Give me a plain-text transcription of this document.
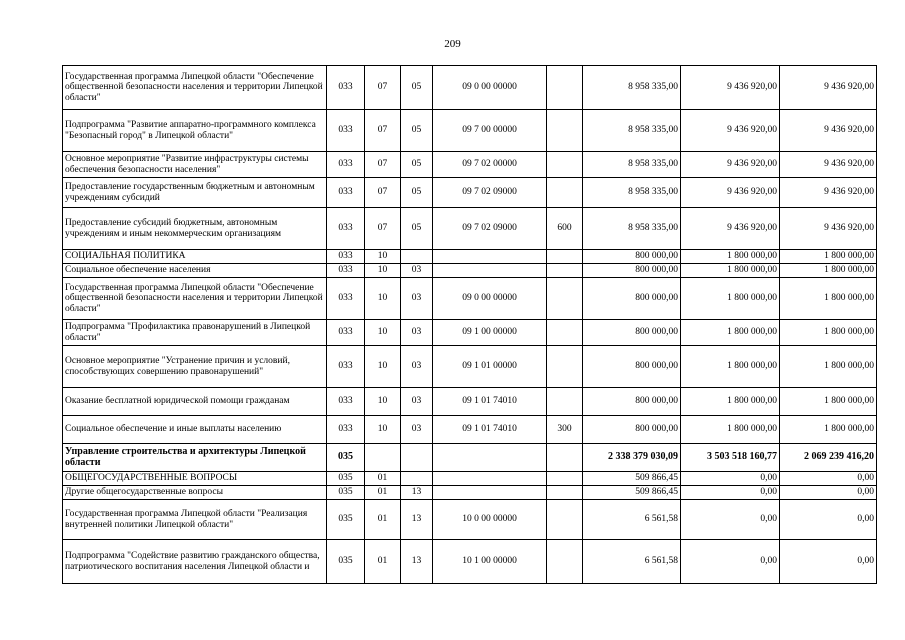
209
Государственная программа Липецкой области "Обеспечение общественной безопасности населения и территории Липецкой области"	033	07	05	09 0 00 00000		8 958 335,00	9 436 920,00	9 436 920,00
Подпрограмма "Развитие аппаратно-программного комплекса "Безопасный город" в Липецкой области"	033	07	05	09 7 00 00000		8 958 335,00	9 436 920,00	9 436 920,00
Основное мероприятие "Развитие инфраструктуры системы обеспечения безопасности населения"	033	07	05	09 7 02 00000		8 958 335,00	9 436 920,00	9 436 920,00
Предоставление государственным бюджетным и автономным учреждениям субсидий	033	07	05	09 7 02 09000		8 958 335,00	9 436 920,00	9 436 920,00
Предоставление субсидий бюджетным, автономным учреждениям и иным некоммерческим организациям	033	07	05	09 7 02 09000	600	8 958 335,00	9 436 920,00	9 436 920,00
СОЦИАЛЬНАЯ ПОЛИТИКА	033	10				800 000,00	1 800 000,00	1 800 000,00
Социальное обеспечение населения	033	10	03			800 000,00	1 800 000,00	1 800 000,00
Государственная программа Липецкой области "Обеспечение общественной безопасности населения и территории Липецкой области"	033	10	03	09 0 00 00000		800 000,00	1 800 000,00	1 800 000,00
Подпрограмма "Профилактика правонарушений в Липецкой области"	033	10	03	09 1 00 00000		800 000,00	1 800 000,00	1 800 000,00
Основное мероприятие "Устранение причин и условий, способствующих совершению правонарушений"	033	10	03	09 1 01 00000		800 000,00	1 800 000,00	1 800 000,00
Оказание бесплатной юридической помощи гражданам	033	10	03	09 1 01 74010		800 000,00	1 800 000,00	1 800 000,00
Социальное обеспечение и иные выплаты населению	033	10	03	09 1 01 74010	300	800 000,00	1 800 000,00	1 800 000,00
Управление строительства и архитектуры Липецкой области	035					2 338 379 030,09	3 503 518 160,77	2 069 239 416,20
ОБЩЕГОСУДАРСТВЕННЫЕ ВОПРОСЫ	035	01				509 866,45	0,00	0,00
Другие общегосударственные вопросы	035	01	13			509 866,45	0,00	0,00
Государственная программа Липецкой области "Реализация внутренней политики Липецкой области"	035	01	13	10 0 00 00000		6 561,58	0,00	0,00
Подпрограмма "Содействие развитию гражданского общества, патриотического воспитания населения Липецкой области и	035	01	13	10 1 00 00000		6 561,58	0,00	0,00
